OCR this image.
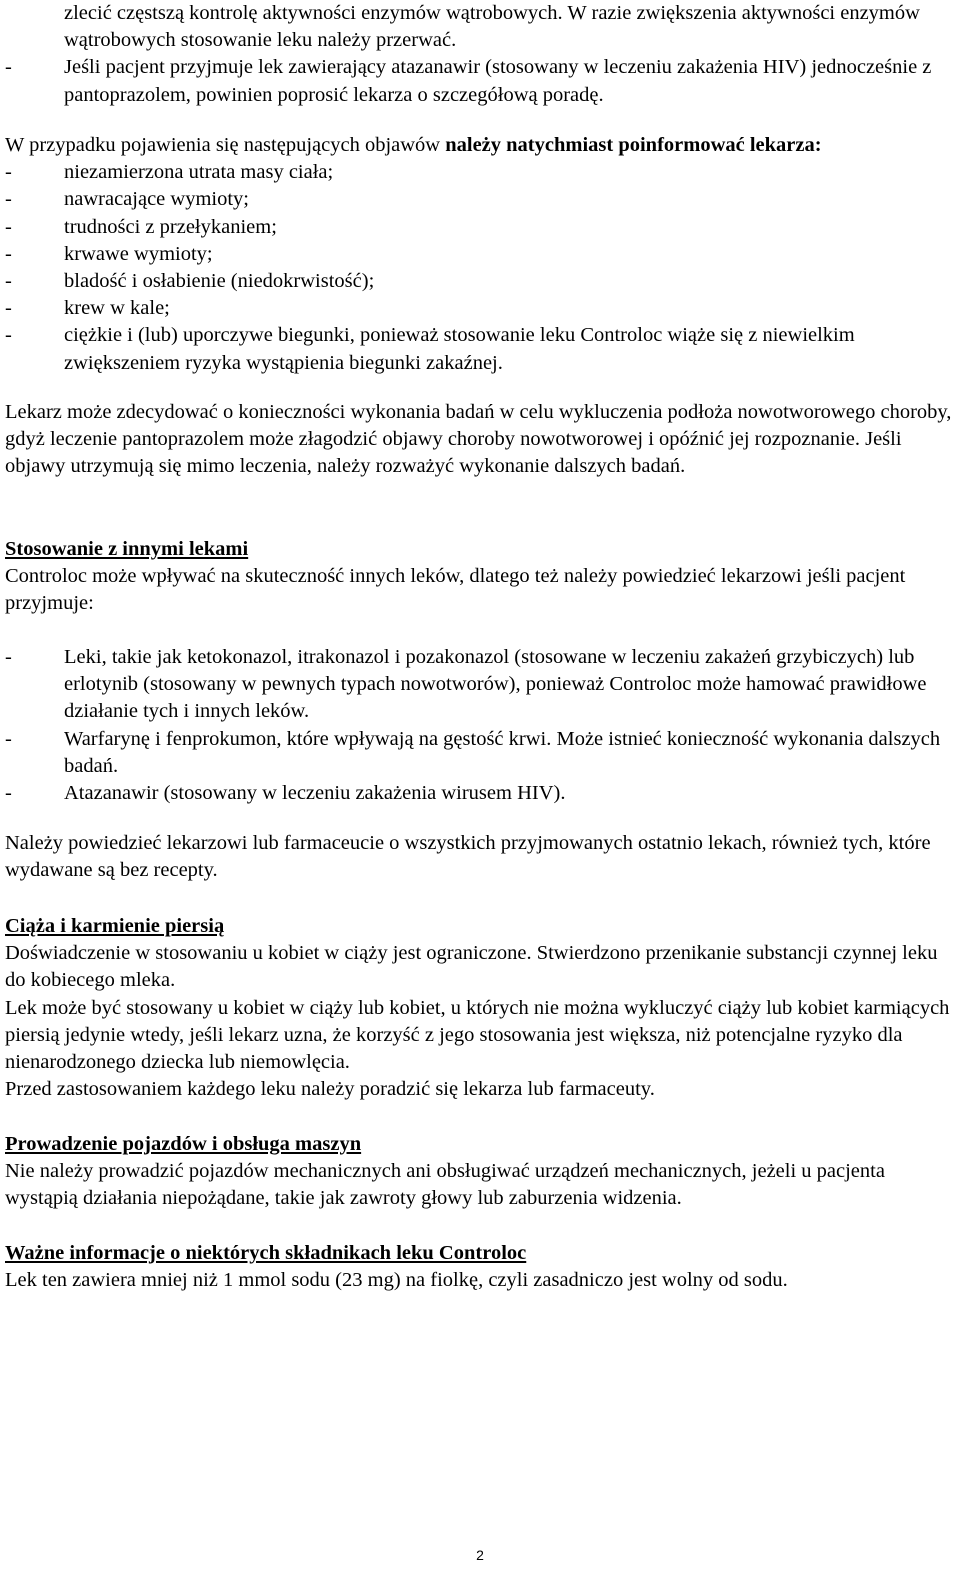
zlecić częstszą kontrolę aktywności enzymów wątrobowych. W razie zwiększenia aktywności enzymów wątrobowych stosowanie leku należy przerwać.

-	Jeśli pacjent przyjmuje lek zawierający atazanawir (stosowany w leczeniu zakażenia HIV) jednocześnie z pantoprazolem, powinien poprosić lekarza o szczegółową poradę.

W przypadku pojawienia się następujących objawów należy natychmiast poinformować lekarza:

-	niezamierzona utrata masy ciała;

-	nawracające wymioty;

-	trudności z przełykaniem;

-	krwawe wymioty;

-	bladość i osłabienie (niedokrwistość);

-	krew w kale;

-	ciężkie i (lub) uporczywe biegunki, ponieważ stosowanie leku Controloc wiąże się z niewielkim zwiększeniem ryzyka wystąpienia biegunki zakaźnej.

Lekarz może zdecydować o konieczności wykonania badań w celu wykluczenia podłoża nowotworowego choroby, gdyż leczenie pantoprazolem może złagodzić objawy choroby nowotworowej i opóźnić jej rozpoznanie. Jeśli objawy utrzymują się mimo leczenia, należy rozważyć wykonanie dalszych badań.

Stosowanie z innymi lekami

Controloc może wpływać na skuteczność innych leków, dlatego też należy powiedzieć lekarzowi jeśli pacjent przyjmuje:

-	Leki, takie jak ketokonazol, itrakonazol i pozakonazol (stosowane w leczeniu zakażeń grzybiczych) lub erlotynib (stosowany w pewnych typach nowotworów), ponieważ Controloc może hamować prawidłowe działanie tych i innych leków.

-	Warfarynę i fenprokumon, które wpływają na gęstość krwi. Może istnieć konieczność wykonania dalszych badań.

-	Atazanawir (stosowany w leczeniu zakażenia wirusem HIV).

Należy powiedzieć lekarzowi lub farmaceucie o wszystkich przyjmowanych ostatnio lekach, również tych, które wydawane są bez recepty.

Ciąża i karmienie piersią

Doświadczenie w stosowaniu u kobiet w ciąży jest ograniczone. Stwierdzono przenikanie substancji czynnej leku do kobiecego mleka.

Lek może być stosowany u kobiet w ciąży lub kobiet, u których nie można wykluczyć ciąży lub kobiet karmiących piersią jedynie wtedy, jeśli lekarz uzna, że korzyść z jego stosowania jest większa, niż potencjalne ryzyko dla nienarodzonego dziecka lub niemowlęcia.

Przed zastosowaniem każdego leku należy poradzić się lekarza lub farmaceuty.

Prowadzenie pojazdów i obsługa maszyn

Nie należy prowadzić pojazdów mechanicznych ani obsługiwać urządzeń mechanicznych, jeżeli u pacjenta wystąpią działania niepożądane, takie jak zawroty głowy lub zaburzenia widzenia.

Ważne informacje o niektórych składnikach leku Controloc

Lek ten zawiera mniej niż 1 mmol sodu (23 mg) na fiolkę, czyli zasadniczo jest wolny od sodu.

2
